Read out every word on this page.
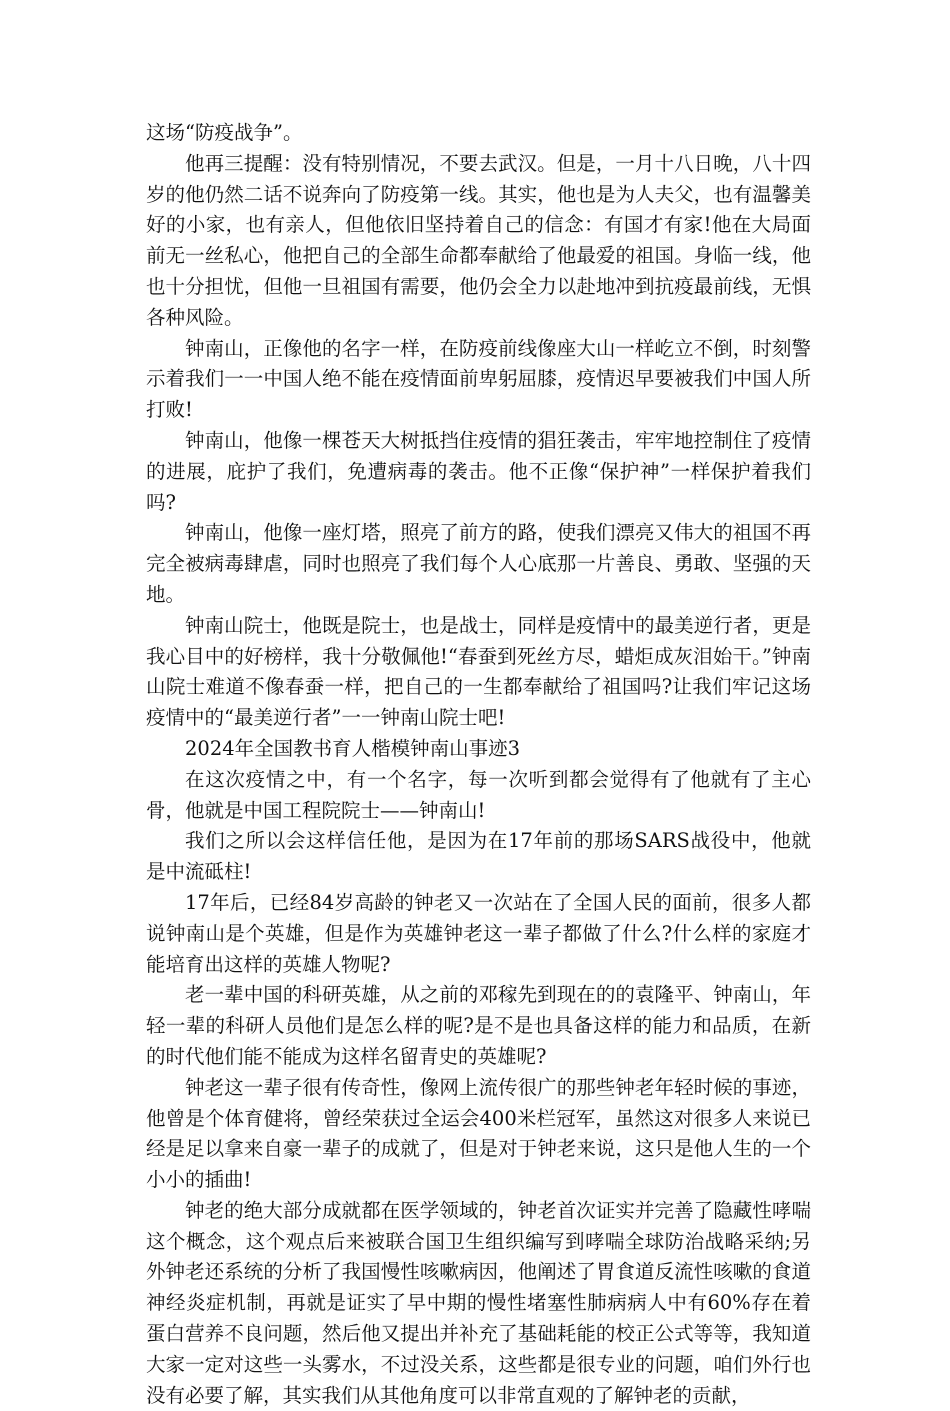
这场“防疫战争”。

他再三提醒：没有特别情况，不要去武汉。但是，一月十八日晚，八十四岁的他仍然二话不说奔向了防疫第一线。其实，他也是为人夫父，也有温馨美好的小家，也有亲人，但他依旧坚持着自己的信念：有国才有家!他在大局面前无一丝私心，他把自己的全部生命都奉献给了他最爱的祖国。身临一线，他也十分担忧，但他一旦祖国有需要，他仍会全力以赴地冲到抗疫最前线，无惧各种风险。

钟南山，正像他的名字一样，在防疫前线像座大山一样屹立不倒，时刻警示着我们一一中国人绝不能在疫情面前卑躬屈膝，疫情迟早要被我们中国人所打败!

钟南山，他像一棵苍天大树抵挡住疫情的猖狂袭击，牢牢地控制住了疫情的进展，庇护了我们，免遭病毒的袭击。他不正像“保护神”一样保护着我们吗?

钟南山，他像一座灯塔，照亮了前方的路，使我们漂亮又伟大的祖国不再完全被病毒肆虐，同时也照亮了我们每个人心底那一片善良、勇敢、坚强的天地。

钟南山院士，他既是院士，也是战士，同样是疫情中的最美逆行者，更是我心目中的好榜样，我十分敬佩他!“春蚕到死丝方尽，蜡炬成灰泪始干。”钟南山院士难道不像春蚕一样，把自己的一生都奉献给了祖国吗?让我们牢记这场疫情中的“最美逆行者”一一钟南山院士吧!

2024年全国教书育人楷模钟南山事迹3

在这次疫情之中，有一个名字，每一次听到都会觉得有了他就有了主心骨，他就是中国工程院院士——钟南山!

我们之所以会这样信任他，是因为在17年前的那场SARS战役中，他就是中流砥柱!

17年后，已经84岁高龄的钟老又一次站在了全国人民的面前，很多人都说钟南山是个英雄，但是作为英雄钟老这一辈子都做了什么?什么样的家庭才能培育出这样的英雄人物呢?

老一辈中国的科研英雄，从之前的邓稼先到现在的的袁隆平、钟南山，年轻一辈的科研人员他们是怎么样的呢?是不是也具备这样的能力和品质，在新的时代他们能不能成为这样名留青史的英雄呢?

钟老这一辈子很有传奇性，像网上流传很广的那些钟老年轻时候的事迹，他曾是个体育健将，曾经荣获过全运会400米栏冠军，虽然这对很多人来说已经是足以拿来自豪一辈子的成就了，但是对于钟老来说，这只是他人生的一个小小的插曲!

钟老的绝大部分成就都在医学领域的，钟老首次证实并完善了隐藏性哮喘这个概念，这个观点后来被联合国卫生组织编写到哮喘全球防治战略采纳;另外钟老还系统的分析了我国慢性咳嗽病因，他阐述了胃食道反流性咳嗽的食道神经炎症机制，再就是证实了早中期的慢性堵塞性肺病病人中有60%存在着蛋白营养不良问题，然后他又提出并补充了基础耗能的校正公式等等，我知道大家一定对这些一头雾水，不过没关系，这些都是很专业的问题，咱们外行也没有必要了解，其实我们从其他角度可以非常直观的了解钟老的贡献，
